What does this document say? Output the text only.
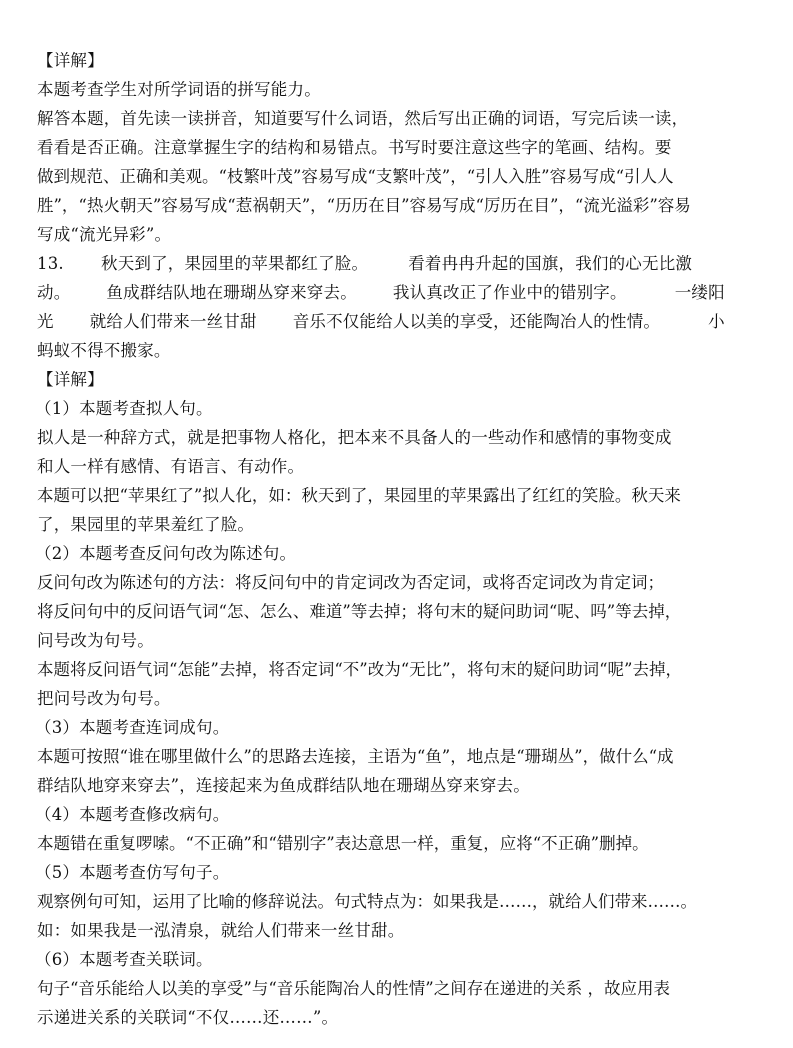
【详解】
本题考查学生对所学词语的拼写能力。
解答本题，首先读一读拼音，知道要写什么词语，然后写出正确的词语，写完后读一读，
看看是否正确。注意掌握生字的结构和易错点。书写时要注意这些字的笔画、结构。要
做到规范、正确和美观。“枝繁叶茂”容易写成“支繁叶茂”，“引人入胜”容易写成“引人人
胜”，“热火朝天”容易写成“惹祸朝天”，“历历在目”容易写成“厉历在目”，“流光溢彩”容易
写成“流光异彩”。
13. 秋天到了，果园里的苹果都红了脸。 看着冉冉升起的国旗，我们的心无比激
动。 鱼成群结队地在珊瑚丛穿来穿去。 我认真改正了作业中的错别字。	一缕阳
光 就给人们带来一丝甘甜 音乐不仅能给人以美的享受，还能陶冶人的性情。	小
蚂蚁不得不搬家。
【详解】
（1）本题考查拟人句。
拟人是一种辞方式，就是把事物人格化，把本来不具备人的一些动作和感情的事物变成
和人一样有感情、有语言、有动作。
本题可以把“苹果红了”拟人化，如：秋天到了，果园里的苹果露出了红红的笑脸。秋天来
了，果园里的苹果羞红了脸。
（2）本题考查反问句改为陈述句。
反问句改为陈述句的方法：将反问句中的肯定词改为否定词，或将否定词改为肯定词；
将反问句中的反问语气词“怎、怎么、难道”等去掉；将句末的疑问助词“呢、吗”等去掉，
问号改为句号。
本题将反问语气词“怎能”去掉，将否定词“不”改为“无比”，将句末的疑问助词“呢”去掉，
把问号改为句号。
（3）本题考查连词成句。
本题可按照“谁在哪里做什么”的思路去连接，主语为“鱼”，地点是“珊瑚丛”，做什么“成
群结队地穿来穿去”，连接起来为鱼成群结队地在珊瑚丛穿来穿去。
（4）本题考查修改病句。
本题错在重复啰嗦。“不正确”和“错别字”表达意思一样，重复，应将“不正确”删掉。
（5）本题考查仿写句子。
观察例句可知，运用了比喻的修辞说法。句式特点为：如果我是……，就给人们带来……。
如：如果我是一泓清泉，就给人们带来一丝甘甜。
（6）本题考查关联词。
句子“音乐能给人以美的享受”与“音乐能陶冶人的性情”之间存在递进的关系 ，故应用表
示递进关系的关联词“不仅……还……”。
